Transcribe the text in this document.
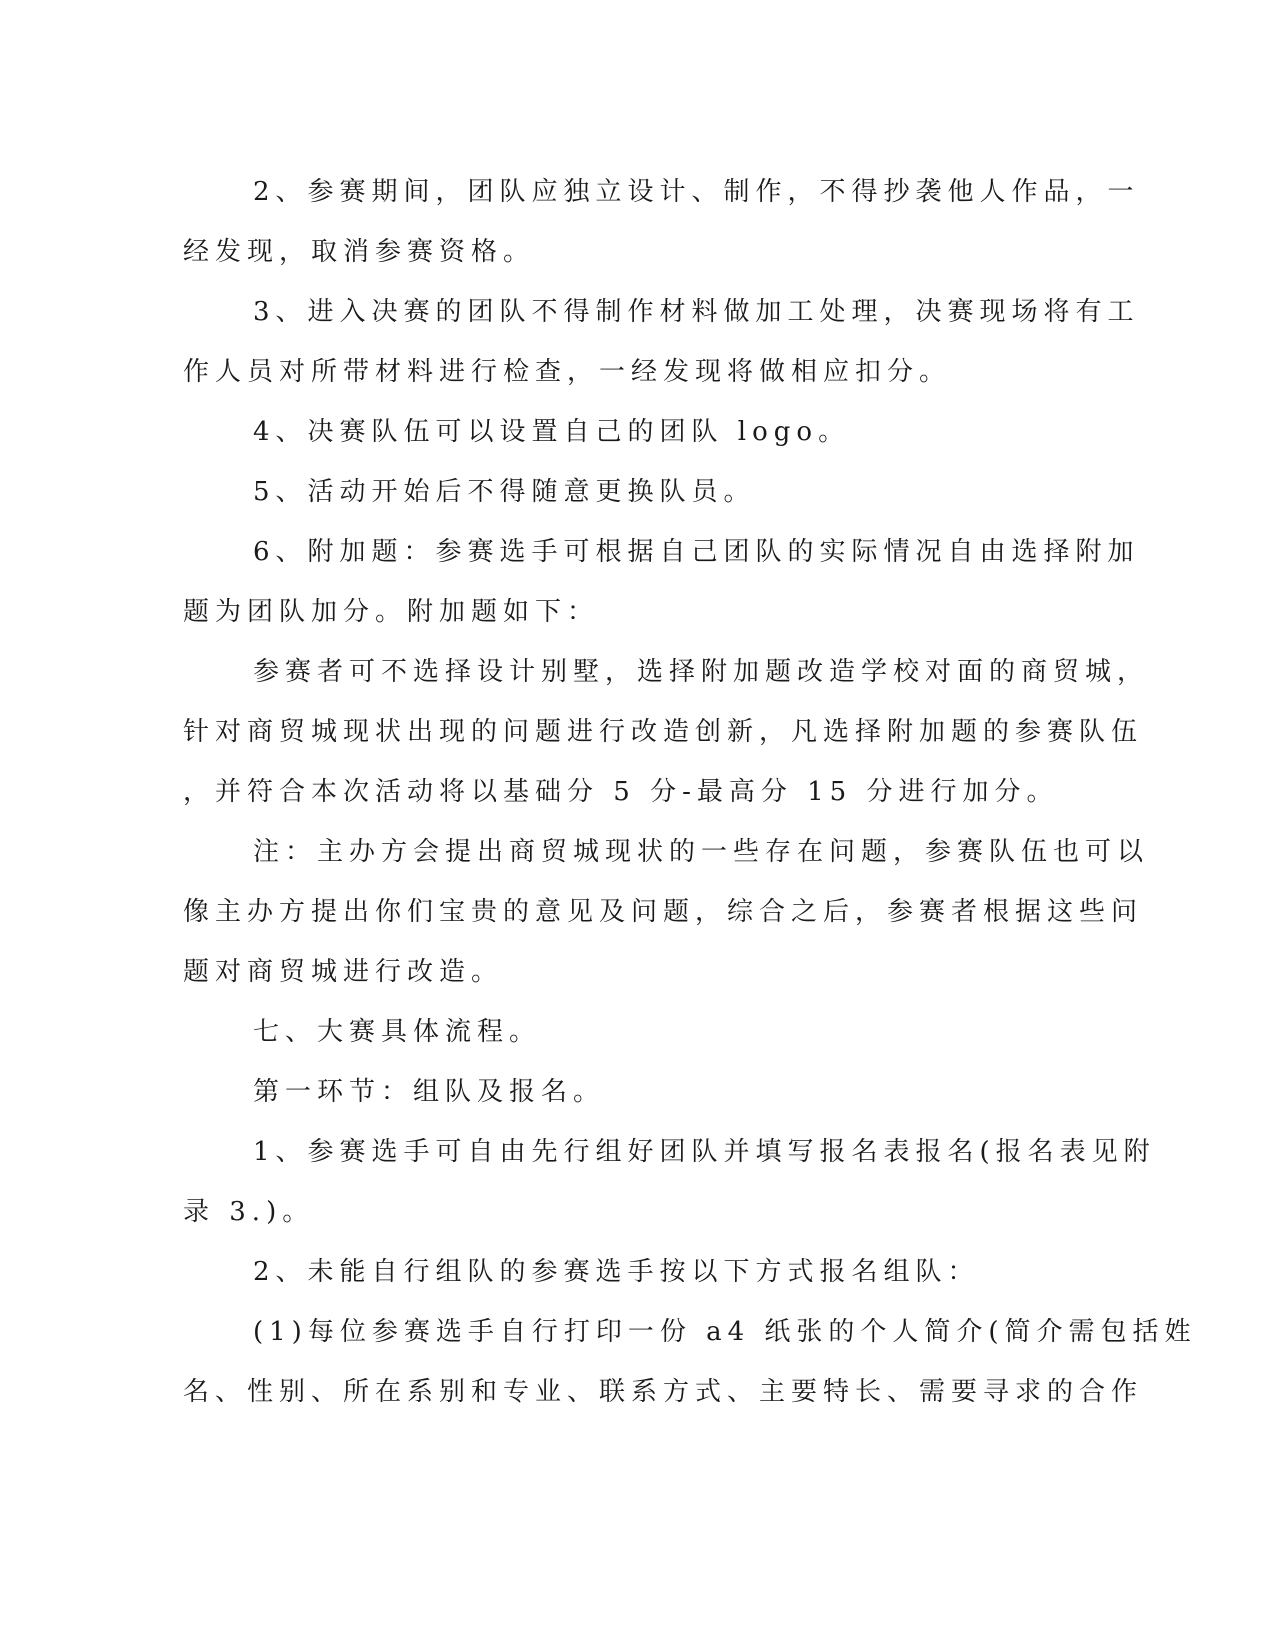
2、参赛期间，团队应独立设计、制作，不得抄袭他人作品，一
经发现，取消参赛资格。
3、进入决赛的团队不得制作材料做加工处理，决赛现场将有工
作人员对所带材料进行检查，一经发现将做相应扣分。
4、决赛队伍可以设置自己的团队 logo。
5、活动开始后不得随意更换队员。
6、附加题：参赛选手可根据自己团队的实际情况自由选择附加
题为团队加分。附加题如下：
参赛者可不选择设计别墅，选择附加题改造学校对面的商贸城，
针对商贸城现状出现的问题进行改造创新，凡选择附加题的参赛队伍
，并符合本次活动将以基础分 5 分-最高分 15 分进行加分。
注：主办方会提出商贸城现状的一些存在问题，参赛队伍也可以
像主办方提出你们宝贵的意见及问题，综合之后，参赛者根据这些问
题对商贸城进行改造。
七、大赛具体流程。
第一环节：组队及报名。
1、参赛选手可自由先行组好团队并填写报名表报名(报名表见附
录 3.)。
2、未能自行组队的参赛选手按以下方式报名组队：
(1)每位参赛选手自行打印一份 a4 纸张的个人简介(简介需包括姓
名、性别、所在系别和专业、联系方式、主要特长、需要寻求的合作
